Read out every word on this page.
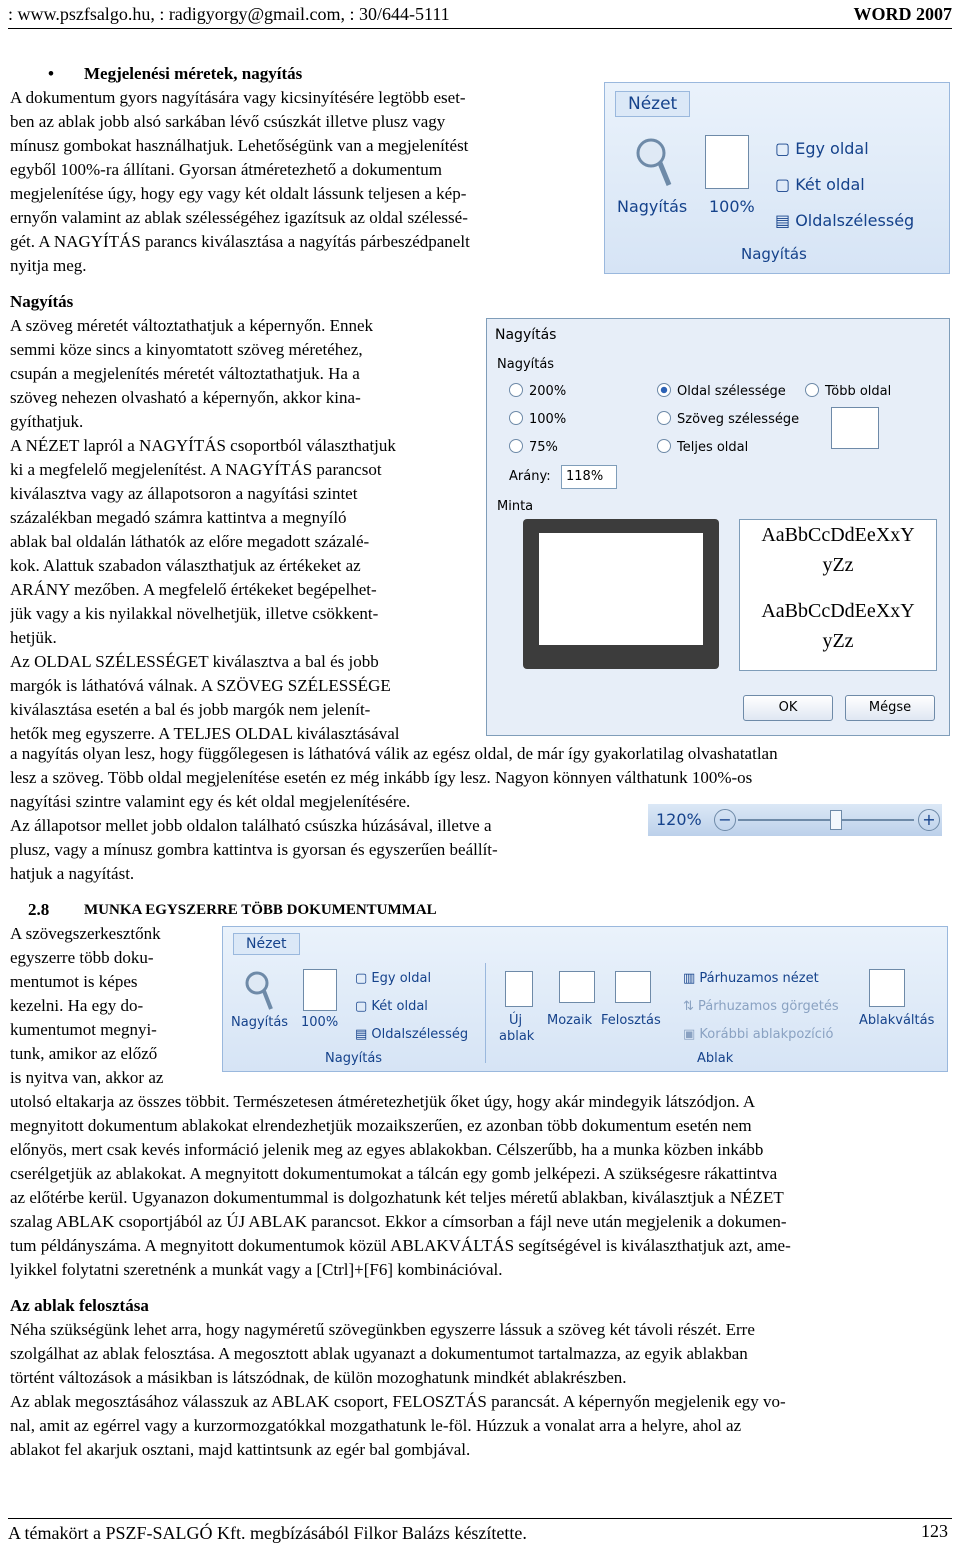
: www.pszfsalgo.hu, : radigyorgy@gmail.com, : 30/644-5111	WORD 2007
• Megjelenési méretek, nagyítás
A dokumentum gyors nagyítására vagy kicsinyítésére legtöbb eset-
ben az ablak jobb alsó sarkában lévő csúszkát illetve plusz vagy
mínusz gombokat használhatjuk. Lehetőségünk van a megjelenítést
egyből 100%-ra állítani. Gyorsan átméretezhető a dokumentum
megjelenítése úgy, hogy egy vagy két oldalt lássunk teljesen a kép-
ernyőn valamint az ablak szélességéhez igazítsuk az oldal szélessé-
gét. A NAGYÍTÁS parancs kiválasztása a nagyítás párbeszédpanelt
nyitja meg.
Nézet
Nagyítás 100%
▢ Egy oldal
▢ Két oldal
▤ Oldalszélesség
Nagyítás
Nagyítás
A szöveg méretét változtathatjuk a képernyőn. Ennek
semmi köze sincs a kinyomtatott szöveg méretéhez,
csupán a megjelenítés méretét változtathatjuk. Ha a
szöveg nehezen olvasható a képernyőn, akkor kina-
gyíthatjuk.
A NÉZET lapról a NAGYÍTÁS csoportból választhatjuk
ki a megfelelő megjelenítést. A NAGYÍTÁS parancsot
kiválasztva vagy az állapotsoron a nagyítási szintet
százalékban megadó számra kattintva a megnyíló
ablak bal oldalán láthatók az előre megadott százalé-
kok. Alattuk szabadon választhatjuk az értékeket az
ARÁNY mezőben. A megfelelő értékeket begépelhet-
jük vagy a kis nyilakkal növelhetjük, illetve csökkent-
hetjük.
Az OLDAL SZÉLESSÉGET kiválasztva a bal és jobb
margók is láthatóvá válnak. A SZÖVEG SZÉLESSÉGE
kiválasztása esetén a bal és jobb margók nem jelenít-
hetők meg egyszerre. A TELJES OLDAL kiválasztásával
Nagyítás
Nagyítás
200%
100%
75%
Oldal szélessége
Szöveg szélessége
Teljes oldal
Több oldal
Arány:	118%
Minta
AaBbCcDdEeXxY
yZz
AaBbCcDdEeXxY
yZz
OK	Mégse
a nagyítás olyan lesz, hogy függőlegesen is láthatóvá válik az egész oldal, de már így gyakorlatilag olvashatatlan
lesz a szöveg. Több oldal megjelenítése esetén ez még inkább így lesz. Nagyon könnyen válthatunk 100%-os
nagyítási szintre valamint egy és két oldal megjelenítésére.
Az állapotsor mellet jobb oldalon található csúszka húzásával, illetve a
plusz, vagy a mínusz gombra kattintva is gyorsan és egyszerűen beállít-
hatjuk a nagyítást.
120% −	+
2.8 MUNKA EGYSZERRE TÖBB DOKUMENTUMMAL
A szövegszerkesztőnk
egyszerre több doku-
mentumot is képes
kezelni. Ha egy do-
kumentumot megnyi-
tunk, amikor az előző
is nyitva van, akkor az
Nézet
Nagyítás 100%
▢ Egy oldal
▢ Két oldal
▤ Oldalszélesség
Nagyítás
Új
ablak
Mozaik Felosztás
▥ Párhuzamos nézet
⇅ Párhuzamos görgetés
▣ Korábbi ablakpozíció
Ablakváltás
Ablak
utolsó eltakarja az összes többit. Természetesen átméretezhetjük őket úgy, hogy akár mindegyik látszódjon. A
megnyitott dokumentum ablakokat elrendezhetjük mozaikszerűen, ez azonban több dokumentum esetén nem
előnyös, mert csak kevés információ jelenik meg az egyes ablakokban. Célszerűbb, ha a munka közben inkább
cserélgetjük az ablakokat. A megnyitott dokumentumokat a tálcán egy gomb jelképezi. A szükségesre rákattintva
az előtérbe kerül. Ugyanazon dokumentummal is dolgozhatunk két teljes méretű ablakban, kiválasztjuk a NÉZET
szalag ABLAK csoportjából az ÚJ ABLAK parancsot. Ekkor a címsorban a fájl neve után megjelenik a dokumen-
tum példányszáma. A megnyitott dokumentumok közül ABLAKVÁLTÁS segítségével is kiválaszthatjuk azt, ame-
lyikkel folytatni szeretnénk a munkát vagy a [Ctrl]+[F6] kombinációval.
Az ablak felosztása
Néha szükségünk lehet arra, hogy nagyméretű szövegünkben egyszerre lássuk a szöveg két távoli részét. Erre
szolgálhat az ablak felosztása. A megosztott ablak ugyanazt a dokumentumot tartalmazza, az egyik ablakban
történt változások a másikban is látszódnak, de külön mozoghatunk mindkét ablakrészben.
Az ablak megosztásához válasszuk az ABLAK csoport, FELOSZTÁS parancsát. A képernyőn megjelenik egy vo-
nal, amit az egérrel vagy a kurzormozgatókkal mozgathatunk le-föl. Húzzuk a vonalat arra a helyre, ahol az
ablakot fel akarjuk osztani, majd kattintsunk az egér bal gombjával.
A témakört a PSZF-SALGÓ Kft. megbízásából Filkor Balázs készítette.	123
